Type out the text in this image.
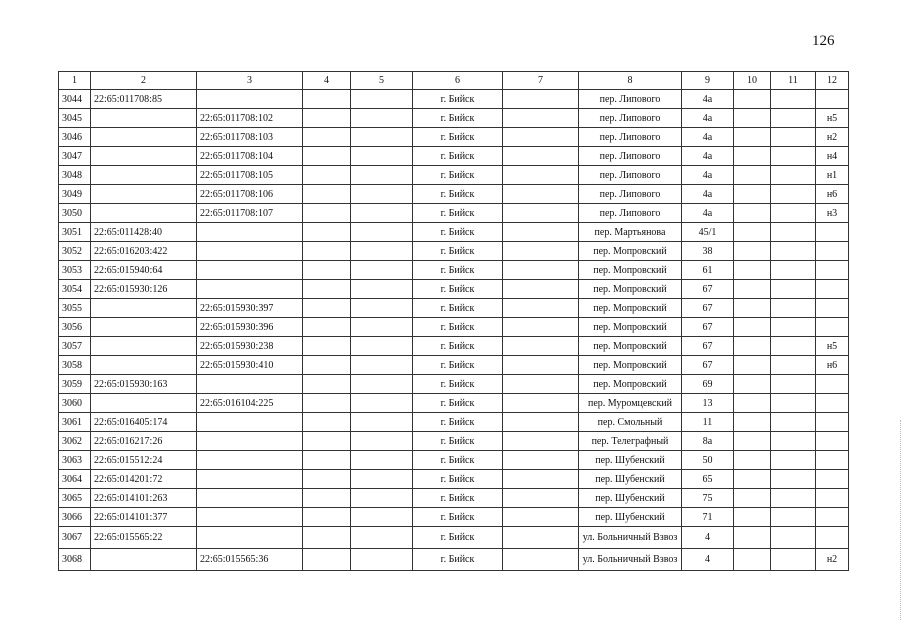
126
1	2	3	4	5	6	7	8	9	10	11	12
3044	22:65:011708:85				г. Бийск		пер. Липового	4а			
3045		22:65:011708:102			г. Бийск		пер. Липового	4а			н5
3046		22:65:011708:103			г. Бийск		пер. Липового	4а			н2
3047		22:65:011708:104			г. Бийск		пер. Липового	4а			н4
3048		22:65:011708:105			г. Бийск		пер. Липового	4а			н1
3049		22:65:011708:106			г. Бийск		пер. Липового	4а			н6
3050		22:65:011708:107			г. Бийск		пер. Липового	4а			н3
3051	22:65:011428:40				г. Бийск		пер. Мартьянова	45/1			
3052	22:65:016203:422				г. Бийск		пер. Мопровский	38			
3053	22:65:015940:64				г. Бийск		пер. Мопровский	61			
3054	22:65:015930:126				г. Бийск		пер. Мопровский	67			
3055		22:65:015930:397			г. Бийск		пер. Мопровский	67			
3056		22:65:015930:396			г. Бийск		пер. Мопровский	67			
3057		22:65:015930:238			г. Бийск		пер. Мопровский	67			н5
3058		22:65:015930:410			г. Бийск		пер. Мопровский	67			н6
3059	22:65:015930:163				г. Бийск		пер. Мопровский	69			
3060		22:65:016104:225			г. Бийск		пер. Муромцевский	13			
3061	22:65:016405:174				г. Бийск		пер. Смольный	11			
3062	22:65:016217:26				г. Бийск		пер. Телеграфный	8а			
3063	22:65:015512:24				г. Бийск		пер. Шубенский	50			
3064	22:65:014201:72				г. Бийск		пер. Шубенский	65			
3065	22:65:014101:263				г. Бийск		пер. Шубенский	75			
3066	22:65:014101:377				г. Бийск		пер. Шубенский	71			
3067	22:65:015565:22				г. Бийск		ул. Больничный Взвоз	4			
3068		22:65:015565:36			г. Бийск		ул. Больничный Взвоз	4			н2
